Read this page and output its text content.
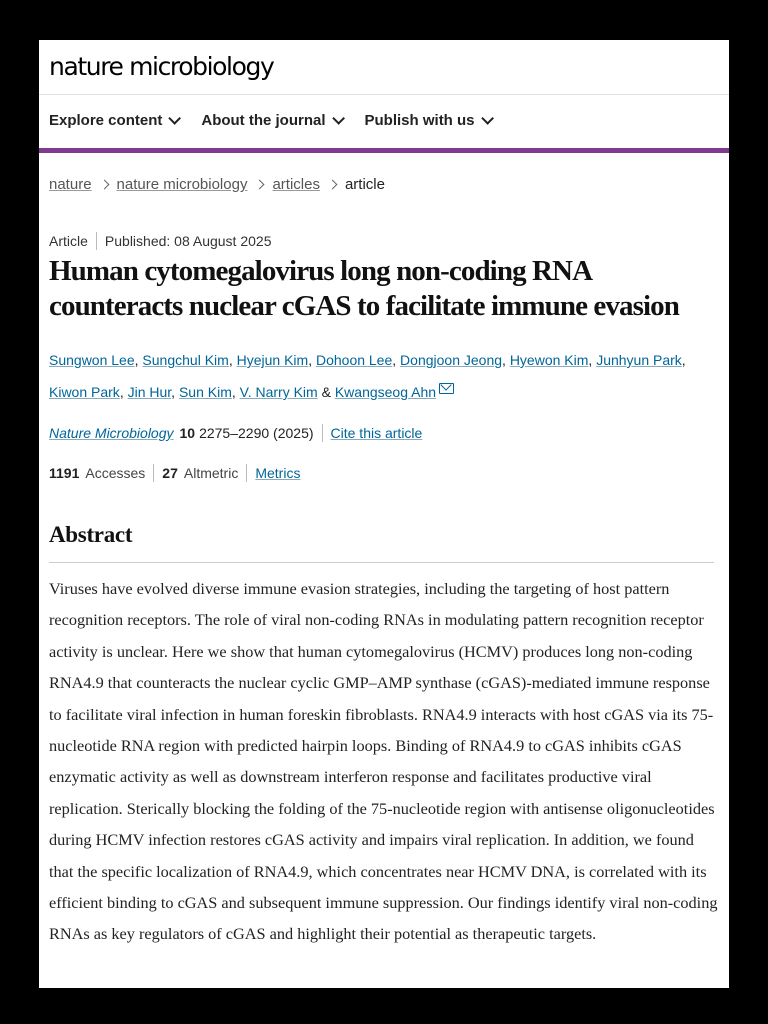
nature microbiology
Explore content	About the journal	Publish with us
nature nature microbiology articles article
Article Published: 08 August 2025
Human cytomegalovirus long non-coding RNA counteracts nuclear cGAS to facilitate immune evasion
Sungwon Lee, Sungchul Kim, Hyejun Kim, Dohoon Lee, Dongjoon Jeong, Hyewon Kim, Junhyun Park,
Kiwon Park, Jin Hur, Sun Kim, V. Narry Kim & Kwangseog Ahn
Nature Microbiology 10 2275–2290 (2025) Cite this article
1191 Accesses 27 Altmetric Metrics
Abstract

Viruses have evolved diverse immune evasion strategies, including the targeting of host pattern recognition receptors. The role of viral non-coding RNAs in modulating pattern recognition receptor activity is unclear. Here we show that human cytomegalovirus (HCMV) produces long non-coding RNA4.9 that counteracts the nuclear cyclic GMP–AMP synthase (cGAS)-mediated immune response to facilitate viral infection in human foreskin fibroblasts. RNA4.9 interacts with host cGAS via its 75-nucleotide RNA region with predicted hairpin loops. Binding of RNA4.9 to cGAS inhibits cGAS enzymatic activity as well as downstream interferon response and facilitates productive viral replication. Sterically blocking the folding of the 75-nucleotide region with antisense oligonucleotides during HCMV infection restores cGAS activity and impairs viral replication. In addition, we found that the specific localization of RNA4.9, which concentrates near HCMV DNA, is correlated with its efficient binding to cGAS and subsequent immune suppression. Our findings identify viral non-coding RNAs as key regulators of cGAS and highlight their potential as therapeutic targets.
